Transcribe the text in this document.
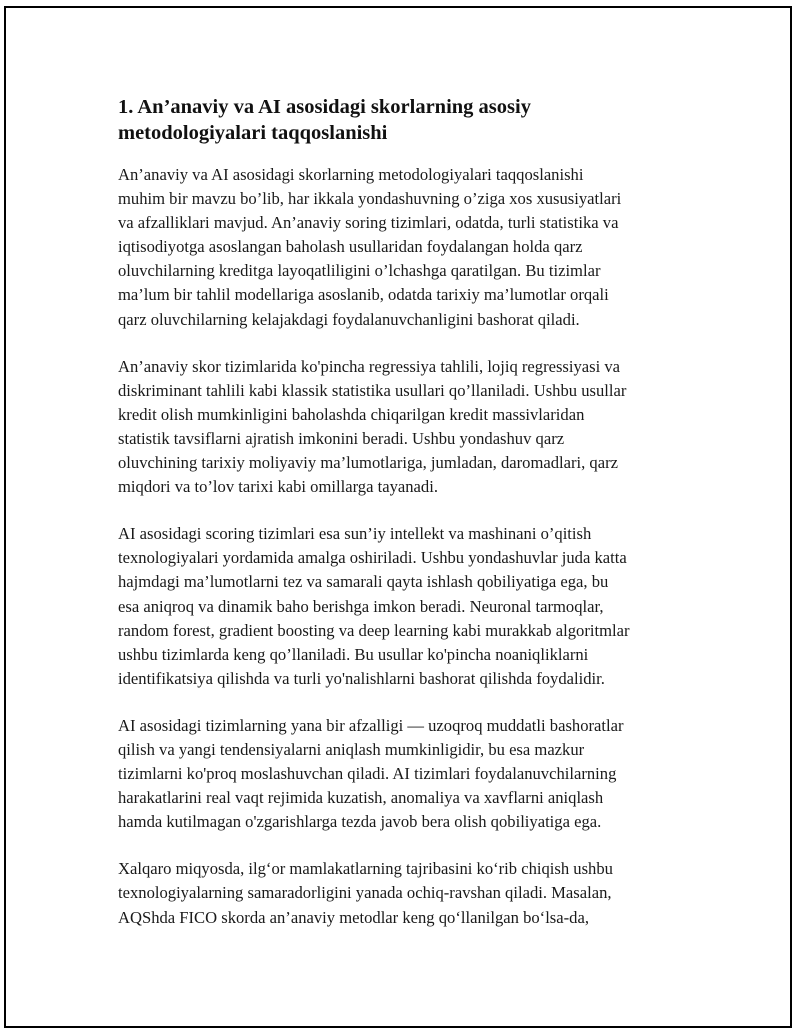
1. An’anaviy va AI asosidagi skorlarning asosiy
metodologiyalari taqqoslanishi

An’anaviy va AI asosidagi skorlarning metodologiyalari taqqoslanishi
muhim bir mavzu bo’lib, har ikkala yondashuvning o’ziga xos xususiyatlari
va afzalliklari mavjud. An’anaviy soring tizimlari, odatda, turli statistika va
iqtisodiyotga asoslangan baholash usullaridan foydalangan holda qarz
oluvchilarning kreditga layoqatliligini o’lchashga qaratilgan. Bu tizimlar
ma’lum bir tahlil modellariga asoslanib, odatda tarixiy ma’lumotlar orqali
qarz oluvchilarning kelajakdagi foydalanuvchanligini bashorat qiladi.

An’anaviy skor tizimlarida ko'pincha regressiya tahlili, lojiq regressiyasi va
diskriminant tahlili kabi klassik statistika usullari qo’llaniladi. Ushbu usullar
kredit olish mumkinligini baholashda chiqarilgan kredit massivlaridan
statistik tavsiflarni ajratish imkonini beradi. Ushbu yondashuv qarz
oluvchining tarixiy moliyaviy ma’lumotlariga, jumladan, daromadlari, qarz
miqdori va to’lov tarixi kabi omillarga tayanadi.

AI asosidagi scoring tizimlari esa sun’iy intellekt va mashinani o’qitish
texnologiyalari yordamida amalga oshiriladi. Ushbu yondashuvlar juda katta
hajmdagi ma’lumotlarni tez va samarali qayta ishlash qobiliyatiga ega, bu
esa aniqroq va dinamik baho berishga imkon beradi. Neuronal tarmoqlar,
random forest, gradient boosting va deep learning kabi murakkab algoritmlar
ushbu tizimlarda keng qo’llaniladi. Bu usullar ko'pincha noaniqliklarni
identifikatsiya qilishda va turli yo'nalishlarni bashorat qilishda foydalidir.

AI asosidagi tizimlarning yana bir afzalligi — uzoqroq muddatli bashoratlar
qilish va yangi tendensiyalarni aniqlash mumkinligidir, bu esa mazkur
tizimlarni ko'proq moslashuvchan qiladi. AI tizimlari foydalanuvchilarning
harakatlarini real vaqt rejimida kuzatish, anomaliya va xavflarni aniqlash
hamda kutilmagan o'zgarishlarga tezda javob bera olish qobiliyatiga ega.

Xalqaro miqyosda, ilg‘or mamlakatlarning tajribasini ko‘rib chiqish ushbu
texnologiyalarning samaradorligini yanada ochiq-ravshan qiladi. Masalan,
AQShda FICO skorda an’anaviy metodlar keng qo‘llanilgan bo‘lsa-da,
